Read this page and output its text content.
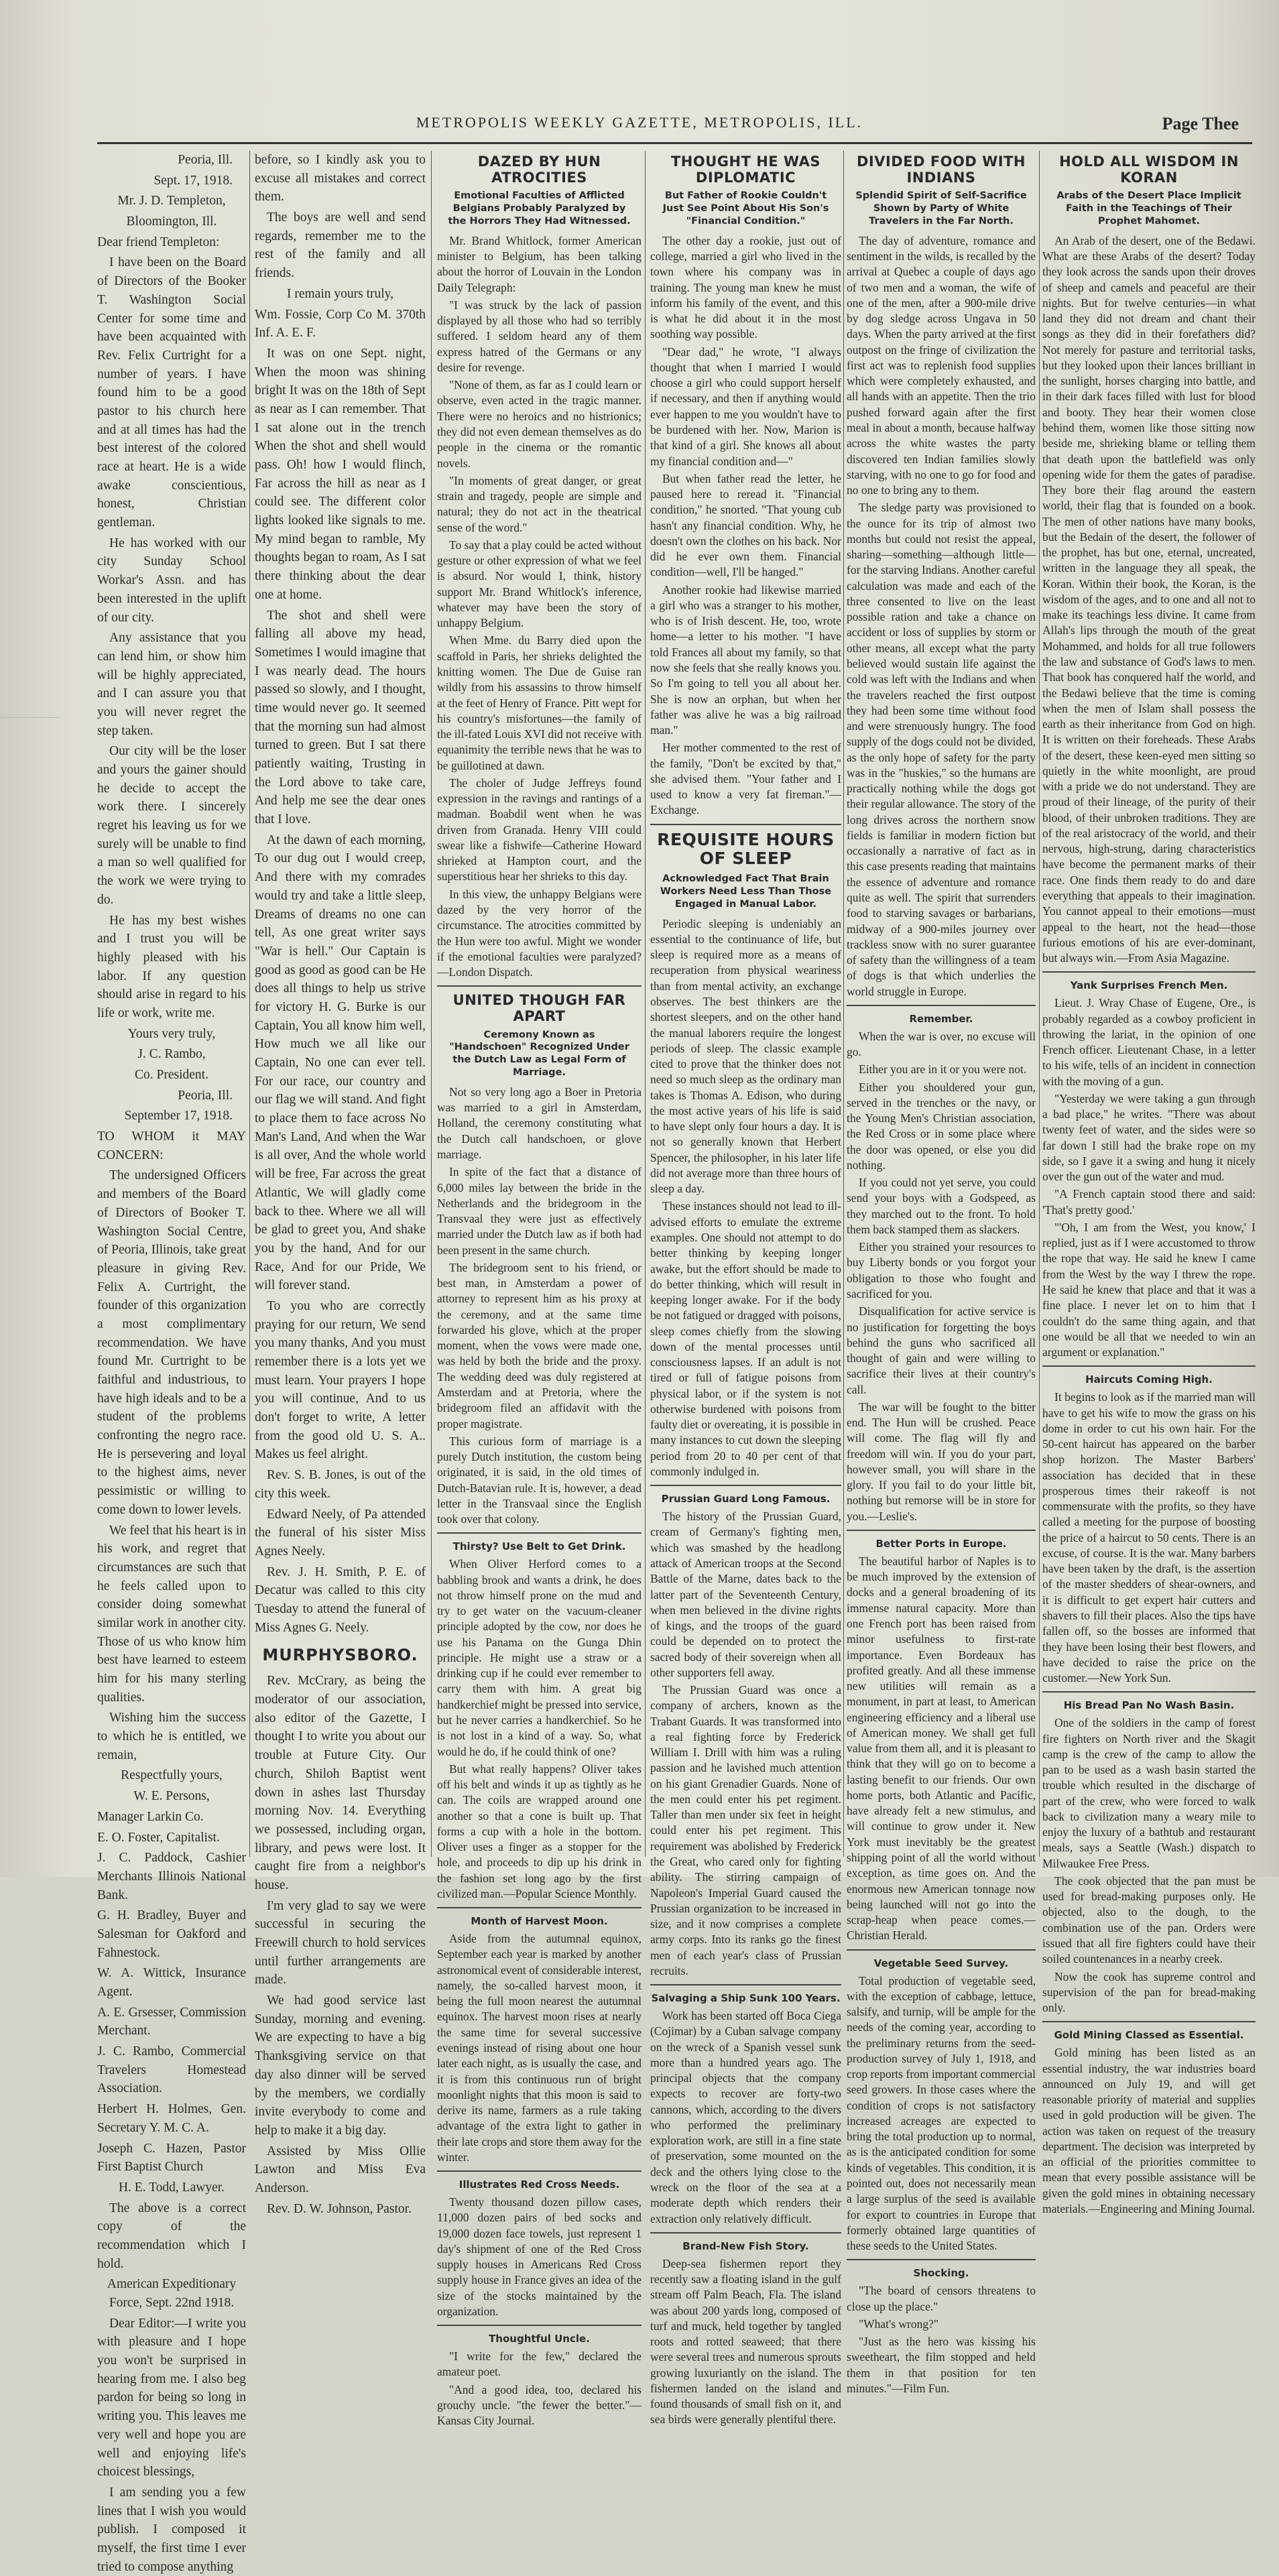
METROPOLIS WEEKLY GAZETTE, METROPOLIS, ILL.	Page Thee

Peoria, Ill.

Sept. 17, 1918.

Mr. J. D. Templeton,

Bloomington, Ill.

Dear friend Templeton:

I have been on the Board of Directors of the Booker T. Washington Social Center for some time and have been acquainted with Rev. Felix Curtright for a number of years. I have found him to be a good pastor to his church here and at all times has had the best interest of the colored race at heart. He is a wide awake conscientious, honest, Christian gentleman.

He has worked with our city Sunday School Workar's Assn. and has been interested in the uplift of our city.

Any assistance that you can lend him, or show him will be highly appreciated, and I can assure you that you will never regret the step taken.

Our city will be the loser and yours the gainer should he decide to accept the work there. I sincerely regret his leaving us for we surely will be unable to find a man so well qualified for the work we were trying to do.

He has my best wishes and I trust you will be highly pleased with his labor. If any question should arise in regard to his life or work, write me.

Yours very truly,

J. C. Rambo,

Co. President.

Peoria, Ill.

September 17, 1918.

TO WHOM it MAY CONCERN:

The undersigned Officers and members of the Board of Directors of Booker T. Washington Social Centre, of Peoria, Illinois, take great pleasure in giving Rev. Felix A. Curtright, the founder of this organization a most complimentary recommendation. We have found Mr. Curtright to be faithful and industrious, to have high ideals and to be a student of the problems confronting the negro race. He is persevering and loyal to the highest aims, never pessimistic or willing to come down to lower levels.

We feel that his heart is in his work, and regret that circumstances are such that he feels called upon to consider doing somewhat similar work in another city. Those of us who know him best have learned to esteem him for his many sterling qualities.

Wishing him the success to which he is entitled, we remain,

Respectfully yours,

W. E. Persons,

Manager Larkin Co.

E. O. Foster, Capitalist.

J. C. Paddock, Cashier Merchants Illinois National Bank.

G. H. Bradley, Buyer and Salesman for Oakford and Fahnestock.

W. A. Wittick, Insurance Agent.

A. E. Grsesser, Commission Merchant.

J. C. Rambo, Commercial Travelers Homestead Association.

Herbert H. Holmes, Gen. Secretary Y. M. C. A.

Joseph C. Hazen, Pastor First Baptist Church

H. E. Todd, Lawyer.

The above is a correct copy of the recommendation which I hold.

American Expeditionary Force, Sept. 22nd 1918.

Dear Editor:—I write you with pleasure and I hope you won't be surprised in hearing from me. I also beg pardon for being so long in writing you. This leaves me very well and hope you are well and enjoying life's choicest blessings,

I am sending you a few lines that I wish you would publish. I composed it myself, the first time I ever tried to compose anything

before, so I kindly ask you to excuse all mistakes and correct them.

The boys are well and send regards, remember me to the rest of the family and all friends.

I remain yours truly,

Wm. Fossie, Corp Co M. 370th Inf. A. E. F.

It was on one Sept. night, When the moon was shining bright It was on the 18th of Sept as near as I can remember. That I sat alone out in the trench When the shot and shell would pass. Oh! how I would flinch, Far across the hill as near as I could see. The different color lights looked like signals to me. My mind began to ramble, My thoughts began to roam, As I sat there thinking about the dear one at home.

The shot and shell were falling all above my head, Sometimes I would imagine that I was nearly dead. The hours passed so slowly, and I thought, time would never go. It seemed that the morning sun had almost turned to green. But I sat there patiently waiting, Trusting in the Lord above to take care, And help me see the dear ones that I love.

At the dawn of each morning, To our dug out I would creep, And there with my comrades would try and take a little sleep, Dreams of dreams no one can tell, As one great writer says "War is hell." Our Captain is good as good as good can be He does all things to help us strive for victory H. G. Burke is our Captain, You all know him well, How much we all like our Captain, No one can ever tell. For our race, our country and our flag we will stand. And fight to place them to face across No Man's Land, And when the War is all over, And the whole world will be free, Far across the great Atlantic, We will gladly come back to thee. Where we all will be glad to greet you, And shake you by the hand, And for our Race, And for our Pride, We will forever stand.

To you who are correctly praying for our return, We send you many thanks, And you must remember there is a lots yet we must learn. Your prayers I hope you will continue, And to us don't forget to write, A letter from the good old U. S. A.. Makes us feel alright.

Rev. S. B. Jones, is out of the city this week.

Edward Neely, of Pa attended the funeral of his sister Miss Agnes Neely.

Rev. J. H. Smith, P. E. of Decatur was called to this city Tuesday to attend the funeral of Miss Agnes G. Neely.

MURPHYSBORO.

Rev. McCrary, as being the moderator of our association, also editor of the Gazette, I thought I to write you about our trouble at Future City. Our church, Shiloh Baptist went down in ashes last Thursday morning Nov. 14. Everything we possessed, including organ, library, and pews were lost. It caught fire from a neighbor's house.

I'm very glad to say we were successful in securing the Freewill church to hold services until further arrangements are made.

We had good service last Sunday, morning and evening. We are expecting to have a big Thanksgiving service on that day also dinner will be served by the members, we cordially invite everybody to come and help to make it a big day.

Assisted by Miss Ollie Lawton and Miss Eva Anderson.

Rev. D. W. Johnson, Pastor.

DAZED BY HUN ATROCITIES
Emotional Faculties of Afflicted Belgians Probably Paralyzed by the Horrors They Had Witnessed.

Mr. Brand Whitlock, former American minister to Belgium, has been talking about the horror of Louvain in the London Daily Telegraph:

"I was struck by the lack of passion displayed by all those who had so terribly suffered. I seldom heard any of them express hatred of the Germans or any desire for revenge.

"None of them, as far as I could learn or observe, even acted in the tragic manner. There were no heroics and no histrionics; they did not even demean themselves as do people in the cinema or the romantic novels.

"In moments of great danger, or great strain and tragedy, people are simple and natural; they do not act in the theatrical sense of the word."

To say that a play could be acted without gesture or other expression of what we feel is absurd. Nor would I, think, history support Mr. Brand Whitlock's inference, whatever may have been the story of unhappy Belgium.

When Mme. du Barry died upon the scaffold in Paris, her shrieks delighted the knitting women. The Due de Guise ran wildly from his assassins to throw himself at the feet of Henry of France. Pitt wept for his country's misfortunes—the family of the ill-fated Louis XVI did not receive with equanimity the terrible news that he was to be guillotined at dawn.

The choler of Judge Jeffreys found expression in the ravings and rantings of a madman. Boabdil went when he was driven from Granada. Henry VIII could swear like a fishwife—Catherine Howard shrieked at Hampton court, and the superstitious hear her shrieks to this day.

In this view, the unhappy Belgians were dazed by the very horror of the circumstance. The atrocities committed by the Hun were too awful. Might we wonder if the emotional faculties were paralyzed?—London Dispatch.

UNITED THOUGH FAR APART
Ceremony Known as "Handschoen" Recognized Under the Dutch Law as Legal Form of Marriage.

Not so very long ago a Boer in Pretoria was married to a girl in Amsterdam, Holland, the ceremony constituting what the Dutch call handschoen, or glove marriage.

In spite of the fact that a distance of 6,000 miles lay between the bride in the Netherlands and the bridegroom in the Transvaal they were just as effectively married under the Dutch law as if both had been present in the same church.

The bridegroom sent to his friend, or best man, in Amsterdam a power of attorney to represent him as his proxy at the ceremony, and at the same time forwarded his glove, which at the proper moment, when the vows were made one, was held by both the bride and the proxy. The wedding deed was duly registered at Amsterdam and at Pretoria, where the bridegroom filed an affidavit with the proper magistrate.

This curious form of marriage is a purely Dutch institution, the custom being originated, it is said, in the old times of Dutch-Batavian rule. It is, however, a dead letter in the Transvaal since the English took over that colony.

Thirsty? Use Belt to Get Drink.

When Oliver Herford comes to a babbling brook and wants a drink, he does not throw himself prone on the mud and try to get water on the vacuum-cleaner principle adopted by the cow, nor does he use his Panama on the Gunga Dhin principle. He might use a straw or a drinking cup if he could ever remember to carry them with him. A great big handkerchief might be pressed into service, but he never carries a handkerchief. So he is not lost in a kind of a way. So, what would he do, if he could think of one?

But what really happens? Oliver takes off his belt and winds it up as tightly as he can. The coils are wrapped around one another so that a cone is built up. That forms a cup with a hole in the bottom. Oliver uses a finger as a stopper for the hole, and proceeds to dip up his drink in the fashion set long ago by the first civilized man.—Popular Science Monthly.

Month of Harvest Moon.

Aside from the autumnal equinox, September each year is marked by another astronomical event of considerable interest, namely, the so-called harvest moon, it being the full moon nearest the autumnal equinox. The harvest moon rises at nearly the same time for several successive evenings instead of rising about one hour later each night, as is usually the case, and it is from this continuous run of bright moonlight nights that this moon is said to derive its name, farmers as a rule taking advantage of the extra light to gather in their late crops and store them away for the winter.

Illustrates Red Cross Needs.

Twenty thousand dozen pillow cases, 11,000 dozen pairs of bed socks and 19,000 dozen face towels, just represent 1 day's shipment of one of the Red Cross supply houses in Americans Red Cross supply house in France gives an idea of the size of the stocks maintained by the organization.

Thoughtful Uncle.

"I write for the few," declared the amateur poet.

"And a good idea, too, declared his grouchy uncle. "the fewer the better."—Kansas City Journal.

THOUGHT HE WAS DIPLOMATIC
But Father of Rookie Couldn't Just See Point About His Son's "Financial Condition."

The other day a rookie, just out of college, married a girl who lived in the town where his company was in training. The young man knew he must inform his family of the event, and this is what he did about it in the most soothing way possible.

"Dear dad," he wrote, "I always thought that when I married I would choose a girl who could support herself if necessary, and then if anything would ever happen to me you wouldn't have to be burdened with her. Now, Marion is that kind of a girl. She knows all about my financial condition and—"

But when father read the letter, he paused here to reread it. "Financial condition," he snorted. "That young cub hasn't any financial condition. Why, he doesn't own the clothes on his back. Nor did he ever own them. Financial condition—well, I'll be hanged."

Another rookie had likewise married a girl who was a stranger to his mother, who is of Irish descent. He, too, wrote home—a letter to his mother. "I have told Frances all about my family, so that now she feels that she really knows you. So I'm going to tell you all about her. She is now an orphan, but when her father was alive he was a big railroad man."

Her mother commented to the rest of the family, "Don't be excited by that," she advised them. "Your father and I used to know a very fat fireman."—Exchange.

REQUISITE HOURS OF SLEEP
Acknowledged Fact That Brain Workers Need Less Than Those Engaged in Manual Labor.

Periodic sleeping is undeniably an essential to the continuance of life, but sleep is required more as a means of recuperation from physical weariness than from mental activity, an exchange observes. The best thinkers are the shortest sleepers, and on the other hand the manual laborers require the longest periods of sleep. The classic example cited to prove that the thinker does not need so much sleep as the ordinary man takes is Thomas A. Edison, who during the most active years of his life is said to have slept only four hours a day. It is not so generally known that Herbert Spencer, the philosopher, in his later life did not average more than three hours of sleep a day.

These instances should not lead to ill-advised efforts to emulate the extreme examples. One should not attempt to do better thinking by keeping longer awake, but the effort should be made to do better thinking, which will result in keeping longer awake. For if the body be not fatigued or dragged with poisons, sleep comes chiefly from the slowing down of the mental processes until consciousness lapses. If an adult is not tired or full of fatigue poisons from physical labor, or if the system is not otherwise burdened with poisons from faulty diet or overeating, it is possible in many instances to cut down the sleeping period from 20 to 40 per cent of that commonly indulged in.

Prussian Guard Long Famous.

The history of the Prussian Guard, cream of Germany's fighting men, which was smashed by the headlong attack of American troops at the Second Battle of the Marne, dates back to the latter part of the Seventeenth Century, when men believed in the divine rights of kings, and the troops of the guard could be depended on to protect the sacred body of their sovereign when all other supporters fell away.

The Prussian Guard was once a company of archers, known as the Trabant Guards. It was transformed into a real fighting force by Frederick William I. Drill with him was a ruling passion and he lavished much attention on his giant Grenadier Guards. None of the men could enter his pet regiment. Taller than men under six feet in height could enter his pet regiment. This requirement was abolished by Frederick the Great, who cared only for fighting ability. The stirring campaign of Napoleon's Imperial Guard caused the Prussian organization to be increased in size, and it now comprises a complete army corps. Into its ranks go the finest men of each year's class of Prussian recruits.

Salvaging a Ship Sunk 100 Years.

Work has been started off Boca Ciega (Cojimar) by a Cuban salvage company on the wreck of a Spanish vessel sunk more than a hundred years ago. The principal objects that the company expects to recover are forty-two cannons, which, according to the divers who performed the preliminary exploration work, are still in a fine state of preservation, some mounted on the deck and the others lying close to the wreck on the floor of the sea at a moderate depth which renders their extraction only relatively difficult.

Brand-New Fish Story.

Deep-sea fishermen report they recently saw a floating island in the gulf stream off Palm Beach, Fla. The island was about 200 yards long, composed of turf and muck, held together by tangled roots and rotted seaweed; that there were several trees and numerous sprouts growing luxuriantly on the island. The fishermen landed on the island and found thousands of small fish on it, and sea birds were generally plentiful there.

DIVIDED FOOD WITH INDIANS
Splendid Spirit of Self-Sacrifice Shown by Party of White Travelers in the Far North.

The day of adventure, romance and sentiment in the wilds, is recalled by the arrival at Quebec a couple of days ago of two men and a woman, the wife of one of the men, after a 900-mile drive by dog sledge across Ungava in 50 days. When the party arrived at the first outpost on the fringe of civilization the first act was to replenish food supplies which were completely exhausted, and all hands with an appetite. Then the trio pushed forward again after the first meal in about a month, because halfway across the white wastes the party discovered ten Indian families slowly starving, with no one to go for food and no one to bring any to them.

The sledge party was provisioned to the ounce for its trip of almost two months but could not resist the appeal, sharing—something—although little—for the starving Indians. Another careful calculation was made and each of the three consented to live on the least possible ration and take a chance on accident or loss of supplies by storm or other means, all except what the party believed would sustain life against the cold was left with the Indians and when the travelers reached the first outpost they had been some time without food and were strenuously hungry. The food supply of the dogs could not be divided, as the only hope of safety for the party was in the "huskies," so the humans are practically nothing while the dogs got their regular allowance. The story of the long drives across the northern snow fields is familiar in modern fiction but occasionally a narrative of fact as in this case presents reading that maintains the essence of adventure and romance quite as well. The spirit that surrenders food to starving savages or barbarians, midway of a 900-miles journey over trackless snow with no surer guarantee of safety than the willingness of a team of dogs is that which underlies the world struggle in Europe.

Remember.

When the war is over, no excuse will go.

Either you are in it or you were not.

Either you shouldered your gun, served in the trenches or the navy, or the Young Men's Christian association, the Red Cross or in some place where the door was opened, or else you did nothing.

If you could not yet serve, you could send your boys with a Godspeed, as they marched out to the front. To hold them back stamped them as slackers.

Either you strained your resources to buy Liberty bonds or you forgot your obligation to those who fought and sacrificed for you.

Disqualification for active service is no justification for forgetting the boys behind the guns who sacrificed all thought of gain and were willing to sacrifice their lives at their country's call.

The war will be fought to the bitter end. The Hun will be crushed. Peace will come. The flag will fly and freedom will win. If you do your part, however small, you will share in the glory. If you fail to do your little bit, nothing but remorse will be in store for you.—Leslie's.

Better Ports in Europe.

The beautiful harbor of Naples is to be much improved by the extension of docks and a general broadening of its immense natural capacity. More than one French port has been raised from minor usefulness to first-rate importance. Even Bordeaux has profited greatly. And all these immense new utilities will remain as a monument, in part at least, to American engineering efficiency and a liberal use of American money. We shall get full value from them all, and it is pleasant to think that they will go on to become a lasting benefit to our friends. Our own home ports, both Atlantic and Pacific, have already felt a new stimulus, and will continue to grow under it. New York must inevitably be the greatest shipping point of all the world without exception, as time goes on. And the enormous new American tonnage now being launched will not go into the scrap-heap when peace comes.—Christian Herald.

Vegetable Seed Survey.

Total production of vegetable seed, with the exception of cabbage, lettuce, salsify, and turnip, will be ample for the needs of the coming year, according to the preliminary returns from the seed-production survey of July 1, 1918, and crop reports from important commercial seed growers. In those cases where the condition of crops is not satisfactory increased acreages are expected to bring the total production up to normal, as is the anticipated condition for some kinds of vegetables. This condition, it is pointed out, does not necessarily mean a large surplus of the seed is available for export to countries in Europe that formerly obtained large quantities of these seeds to the United States.

Shocking.

"The board of censors threatens to close up the place."

"What's wrong?"

"Just as the hero was kissing his sweetheart, the film stopped and held them in that position for ten minutes."—Film Fun.

HOLD ALL WISDOM IN KORAN
Arabs of the Desert Place Implicit Faith in the Teachings of Their Prophet Mahomet.

An Arab of the desert, one of the Bedawi. What are these Arabs of the desert? Today they look across the sands upon their droves of sheep and camels and peaceful are their nights. But for twelve centuries—in what land they did not dream and chant their songs as they did in their forefathers did? Not merely for pasture and territorial tasks, but they looked upon their lances brilliant in the sunlight, horses charging into battle, and in their dark faces filled with lust for blood and booty. They hear their women close behind them, women like those sitting now beside me, shrieking blame or telling them that death upon the battlefield was only opening wide for them the gates of paradise. They bore their flag around the eastern world, their flag that is founded on a book. The men of other nations have many books, but the Bedain of the desert, the follower of the prophet, has but one, eternal, uncreated, written in the language they all speak, the Koran. Within their book, the Koran, is the wisdom of the ages, and to one and all not to make its teachings less divine. It came from Allah's lips through the mouth of the great Mohammed, and holds for all true followers the law and substance of God's laws to men. That book has conquered half the world, and the Bedawi believe that the time is coming when the men of Islam shall possess the earth as their inheritance from God on high. It is written on their foreheads. These Arabs of the desert, these keen-eyed men sitting so quietly in the white moonlight, are proud with a pride we do not understand. They are proud of their lineage, of the purity of their blood, of their unbroken traditions. They are of the real aristocracy of the world, and their nervous, high-strung, daring characteristics have become the permanent marks of their race. One finds them ready to do and dare everything that appeals to their imagination. You cannot appeal to their emotions—must appeal to the heart, not the head—those furious emotions of his are ever-dominant, but always win.—From Asia Magazine.

Yank Surprises French Men.

Lieut. J. Wray Chase of Eugene, Ore., is probably regarded as a cowboy proficient in throwing the lariat, in the opinion of one French officer. Lieutenant Chase, in a letter to his wife, tells of an incident in connection with the moving of a gun.

"Yesterday we were taking a gun through a bad place," he writes. "There was about twenty feet of water, and the sides were so far down I still had the brake rope on my side, so I gave it a swing and hung it nicely over the gun out of the water and mud.

"A French captain stood there and said: 'That's pretty good.'

"'Oh, I am from the West, you know,' I replied, just as if I were accustomed to throw the rope that way. He said he knew I came from the West by the way I threw the rope. He said he knew that place and that it was a fine place. I never let on to him that I couldn't do the same thing again, and that one would be all that we needed to win an argument or explanation."

Haircuts Coming High.

It begins to look as if the married man will have to get his wife to mow the grass on his dome in order to cut his own hair. For the 50-cent haircut has appeared on the barber shop horizon. The Master Barbers' association has decided that in these prosperous times their rakeoff is not commensurate with the profits, so they have called a meeting for the purpose of boosting the price of a haircut to 50 cents. There is an excuse, of course. It is the war. Many barbers have been taken by the draft, is the assertion of the master shedders of shear-owners, and it is difficult to get expert hair cutters and shavers to fill their places. Also the tips have fallen off, so the bosses are informed that they have been losing their best flowers, and have decided to raise the price on the customer.—New York Sun.

His Bread Pan No Wash Basin.

One of the soldiers in the camp of forest fire fighters on North river and the Skagit camp is the crew of the camp to allow the pan to be used as a wash basin started the trouble which resulted in the discharge of part of the crew, who were forced to walk back to civilization many a weary mile to enjoy the luxury of a bathtub and restaurant meals, says a Seattle (Wash.) dispatch to Milwaukee Free Press.

The cook objected that the pan must be used for bread-making purposes only. He objected, also to the dough, to the combination use of the pan. Orders were issued that all fire fighters could have their soiled countenances in a nearby creek.

Now the cook has supreme control and supervision of the pan for bread-making only.

Gold Mining Classed as Essential.

Gold mining has been listed as an essential industry, the war industries board announced on July 19, and will get reasonable priority of material and supplies used in gold production will be given. The action was taken on request of the treasury department. The decision was interpreted by an official of the priorities committee to mean that every possible assistance will be given the gold mines in obtaining necessary materials.—Engineering and Mining Journal.
